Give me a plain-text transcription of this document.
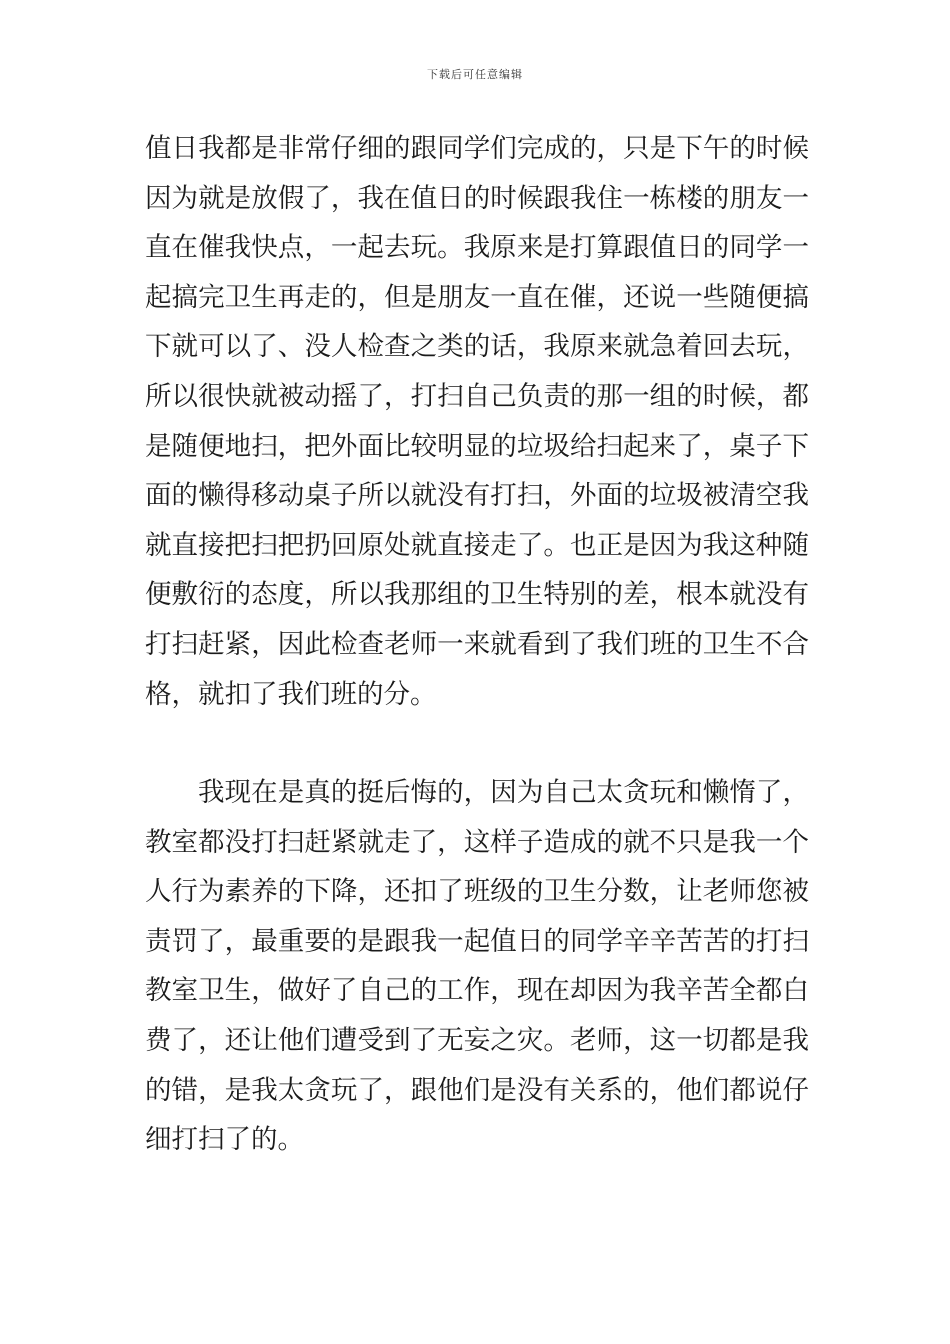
下载后可任意编辑
值日我都是非常仔细的跟同学们完成的，只是下午的时候
因为就是放假了，我在值日的时候跟我住一栋楼的朋友一
直在催我快点，一起去玩。我原来是打算跟值日的同学一
起搞完卫生再走的，但是朋友一直在催，还说一些随便搞
下就可以了、没人检查之类的话，我原来就急着回去玩，
所以很快就被动摇了，打扫自己负责的那一组的时候，都
是随便地扫，把外面比较明显的垃圾给扫起来了，桌子下
面的懒得移动桌子所以就没有打扫，外面的垃圾被清空我
就直接把扫把扔回原处就直接走了。也正是因为我这种随
便敷衍的态度，所以我那组的卫生特别的差，根本就没有
打扫赶紧，因此检查老师一来就看到了我们班的卫生不合
格，就扣了我们班的分。
我现在是真的挺后悔的，因为自己太贪玩和懒惰了，
教室都没打扫赶紧就走了，这样子造成的就不只是我一个
人行为素养的下降，还扣了班级的卫生分数，让老师您被
责罚了，最重要的是跟我一起值日的同学辛辛苦苦的打扫
教室卫生，做好了自己的工作，现在却因为我辛苦全都白
费了，还让他们遭受到了无妄之灾。老师，这一切都是我
的错，是我太贪玩了，跟他们是没有关系的，他们都说仔
细打扫了的。
